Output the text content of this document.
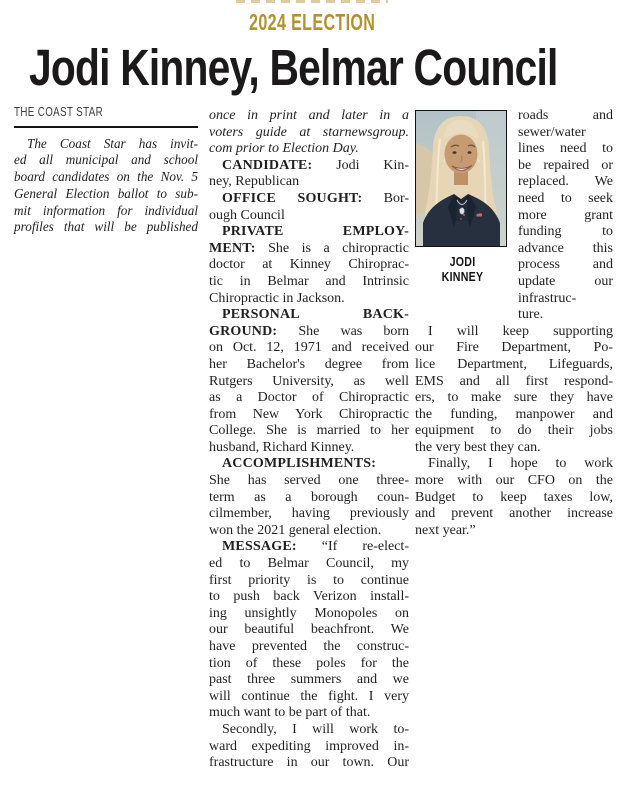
2024 ELECTION
Jodi Kinney, Belmar Council
THE COAST STAR
The Coast Star has invit-
ed all municipal and school
board candidates on the Nov. 5
General Election ballot to sub-
mit information for individual
profiles that will be published
once in print and later in a
voters guide at starnewsgroup.
com prior to Election Day.
CANDIDATE: Jodi Kin-
ney, Republican
OFFICE SOUGHT: Bor-
ough Council
PRIVATE EMPLOY-
MENT: She is a chiropractic
doctor at Kinney Chiroprac-
tic in Belmar and Intrinsic
Chiropractic in Jackson.
PERSONAL BACK-
GROUND: She was born
on Oct. 12, 1971 and received
her Bachelor's degree from
Rutgers University, as well
as a Doctor of Chiropractic
from New York Chiropractic
College. She is married to her
husband, Richard Kinney.
ACCOMPLISHMENTS:
She has served one three-
term as a borough coun-
cilmember, having previously
won the 2021 general election.
MESSAGE: “If re-elect-
ed to Belmar Council, my
first priority is to continue
to push back Verizon install-
ing unsightly Monopoles on
our beautiful beachfront. We
have prevented the construc-
tion of these poles for the
past three summers and we
will continue the fight. I very
much want to be part of that.
Secondly, I will work to-
ward expediting improved in-
frastructure in our town. Our
JODI
KINNEY
roads and
sewer/water
lines need to
be repaired or
replaced. We
need to seek
more grant
funding to
advance this
process and
update our
infrastruc-
ture.
I will keep supporting
our Fire Department, Po-
lice Department, Lifeguards,
EMS and all first respond-
ers, to make sure they have
the funding, manpower and
equipment to do their jobs
the very best they can.
Finally, I hope to work
more with our CFO on the
Budget to keep taxes low,
and prevent another increase
next year.”
